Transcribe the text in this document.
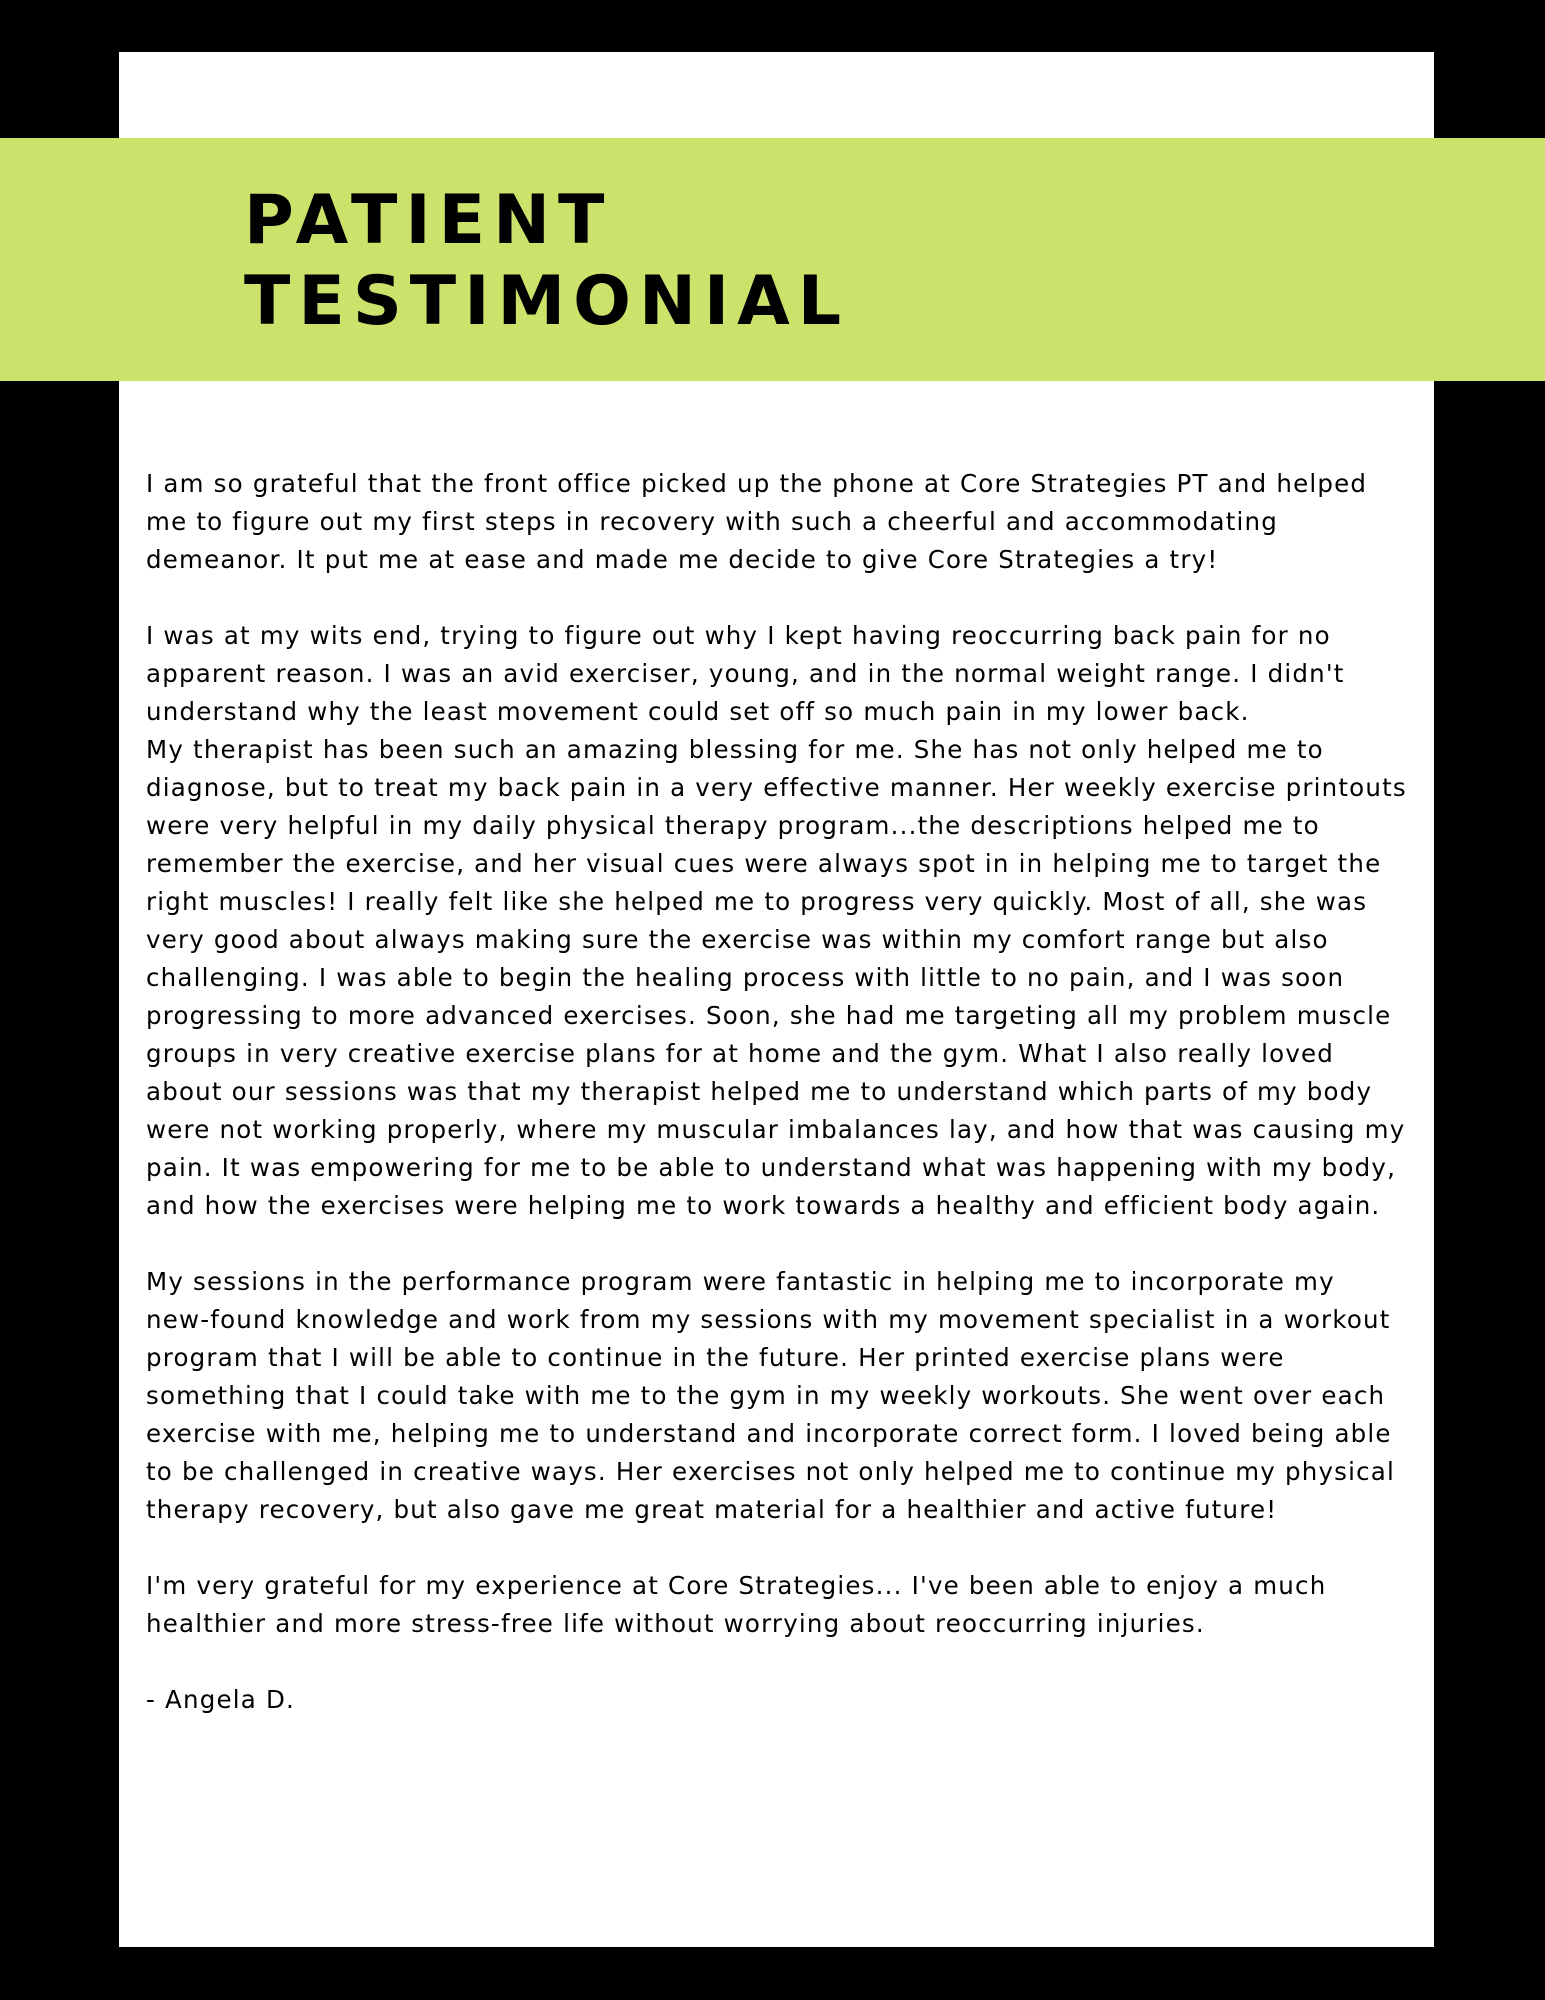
PATIENT
TESTIMONIAL

I am so grateful that the front office picked up the phone at Core Strategies PT and helped me to figure out my first steps in recovery with such a cheerful and accommodating demeanor. It put me at ease and made me decide to give Core Strategies a try!

I was at my wits end, trying to figure out why I kept having reoccurring back pain for no apparent reason. I was an avid exerciser, young, and in the normal weight range. I didn't understand why the least movement could set off so much pain in my lower back.

My therapist has been such an amazing blessing for me. She has not only helped me to diagnose, but to treat my back pain in a very effective manner. Her weekly exercise printouts were very helpful in my daily physical therapy program...the descriptions helped me to remember the exercise, and her visual cues were always spot in in helping me to target the right muscles! I really felt like she helped me to progress very quickly. Most of all, she was very good about always making sure the exercise was within my comfort range but also challenging. I was able to begin the healing process with little to no pain, and I was soon progressing to more advanced exercises. Soon, she had me targeting all my problem muscle groups in very creative exercise plans for at home and the gym. What I also really loved about our sessions was that my therapist helped me to understand which parts of my body were not working properly, where my muscular imbalances lay, and how that was causing my pain. It was empowering for me to be able to understand what was happening with my body, and how the exercises were helping me to work towards a healthy and efficient body again.

My sessions in the performance program were fantastic in helping me to incorporate my new-found knowledge and work from my sessions with my movement specialist in a workout program that I will be able to continue in the future. Her printed exercise plans were something that I could take with me to the gym in my weekly workouts. She went over each exercise with me, helping me to understand and incorporate correct form. I loved being able to be challenged in creative ways. Her exercises not only helped me to continue my physical therapy recovery, but also gave me great material for a healthier and active future!

I'm very grateful for my experience at Core Strategies... I've been able to enjoy a much healthier and more stress-free life without worrying about reoccurring injuries.

- Angela D.
